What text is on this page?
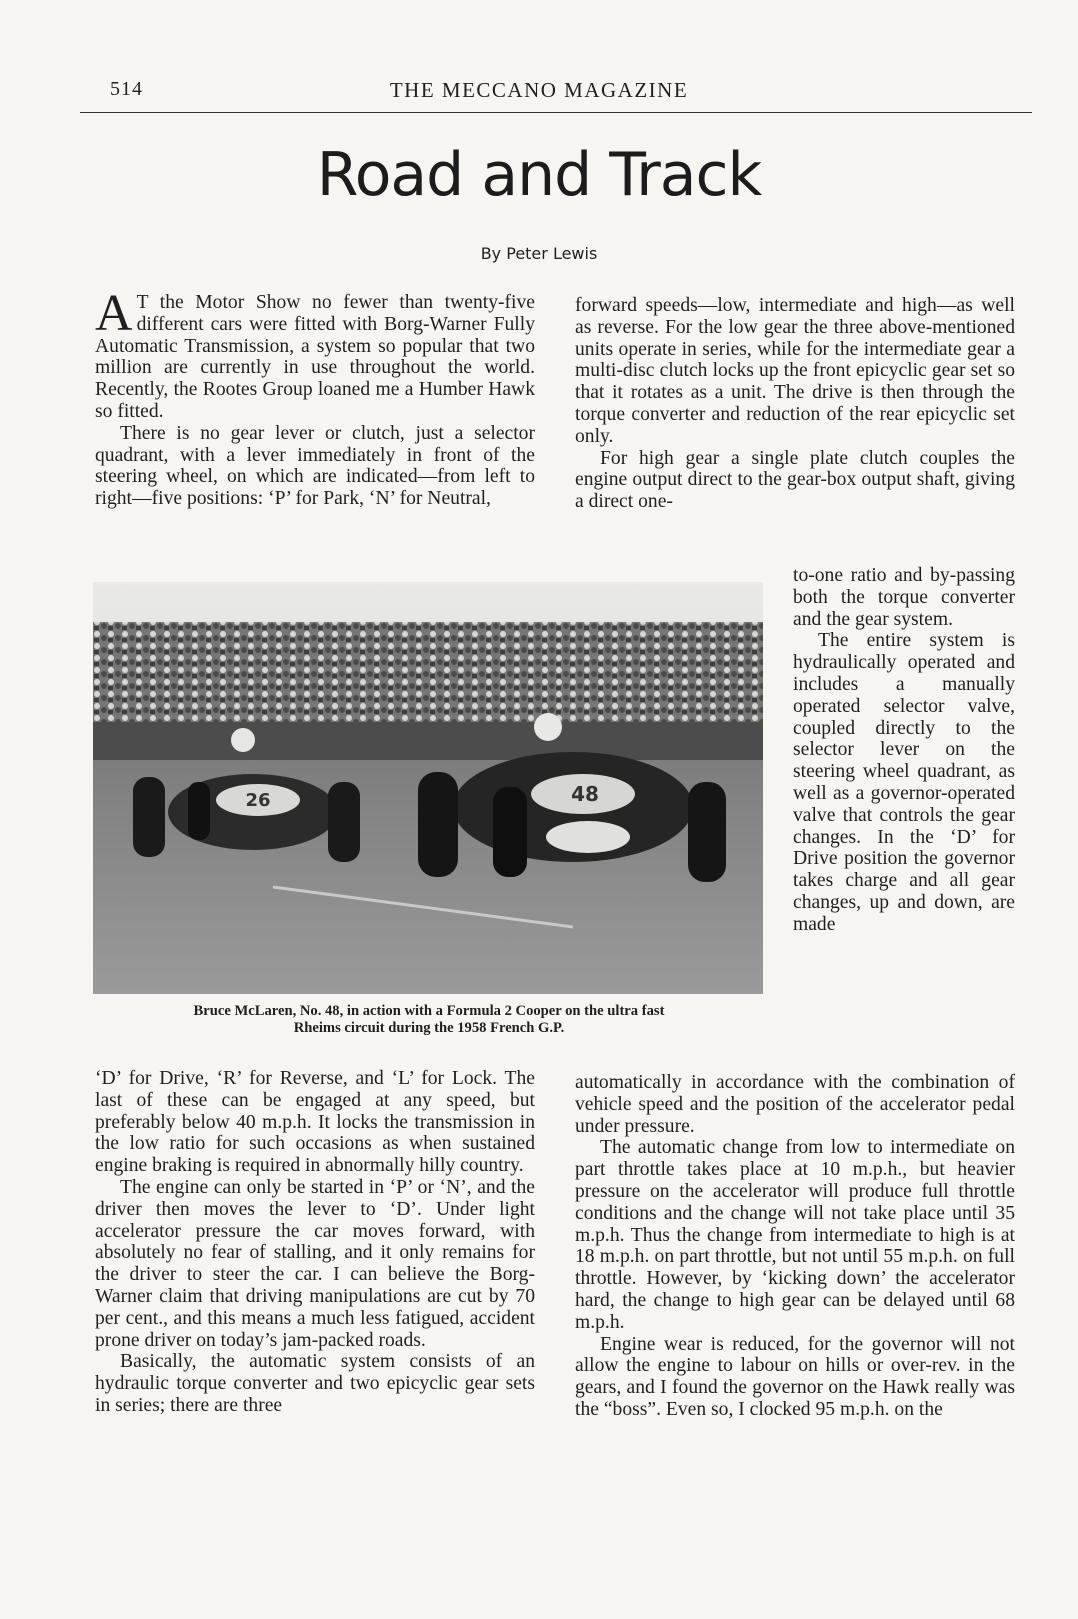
514	THE MECCANO MAGAZINE
Road and Track
By Peter Lewis

A T the Motor Show no fewer than twenty-five different cars were fitted with Borg-Warner Fully Automatic Transmission, a system so popular that two million are currently in use throughout the world. Recently, the Rootes Group loaned me a Humber Hawk so fitted.

There is no gear lever or clutch, just a selector quadrant, with a lever immediately in front of the steering wheel, on which are indicated—from left to right—five positions: ‘P’ for Park, ‘N’ for Neutral,

forward speeds—low, intermediate and high—as well as reverse. For the low gear the three above-mentioned units operate in series, while for the intermediate gear a multi-disc clutch locks up the front epicyclic gear set so that it rotates as a unit. The drive is then through the torque converter and reduction of the rear epicyclic set only.

For high gear a single plate clutch couples the engine output direct to the gear-box output shaft, giving a direct one-

to-one ratio and by-passing both the torque converter and the gear system.

The entire system is hydraulically operated and includes a manually operated selector valve, coupled directly to the selector lever on the steering wheel quadrant, as well as a governor-operated valve that controls the gear changes. In the ‘D’ for Drive position the governor takes charge and all gear changes, up and down, are made

26	48
Bruce McLaren, No. 48, in action with a Formula 2 Cooper on the ultra fast
Rheims circuit during the 1958 French G.P.

‘D’ for Drive, ‘R’ for Reverse, and ‘L’ for Lock. The last of these can be engaged at any speed, but preferably below 40 m.p.h. It locks the transmission in the low ratio for such occasions as when sustained engine braking is required in abnormally hilly country.

The engine can only be started in ‘P’ or ‘N’, and the driver then moves the lever to ‘D’. Under light accelerator pressure the car moves forward, with absolutely no fear of stalling, and it only remains for the driver to steer the car. I can believe the Borg-Warner claim that driving manipulations are cut by 70 per cent., and this means a much less fatigued, accident prone driver on today’s jam-packed roads.

Basically, the automatic system consists of an hydraulic torque converter and two epicyclic gear sets in series; there are three

automatically in accordance with the combination of vehicle speed and the position of the accelerator pedal under pressure.

The automatic change from low to intermediate on part throttle takes place at 10 m.p.h., but heavier pressure on the accelerator will produce full throttle conditions and the change will not take place until 35 m.p.h. Thus the change from intermediate to high is at 18 m.p.h. on part throttle, but not until 55 m.p.h. on full throttle. However, by ‘kicking down’ the accelerator hard, the change to high gear can be delayed until 68 m.p.h.

Engine wear is reduced, for the governor will not allow the engine to labour on hills or over-rev. in the gears, and I found the governor on the Hawk really was the “boss”. Even so, I clocked 95 m.p.h. on the
